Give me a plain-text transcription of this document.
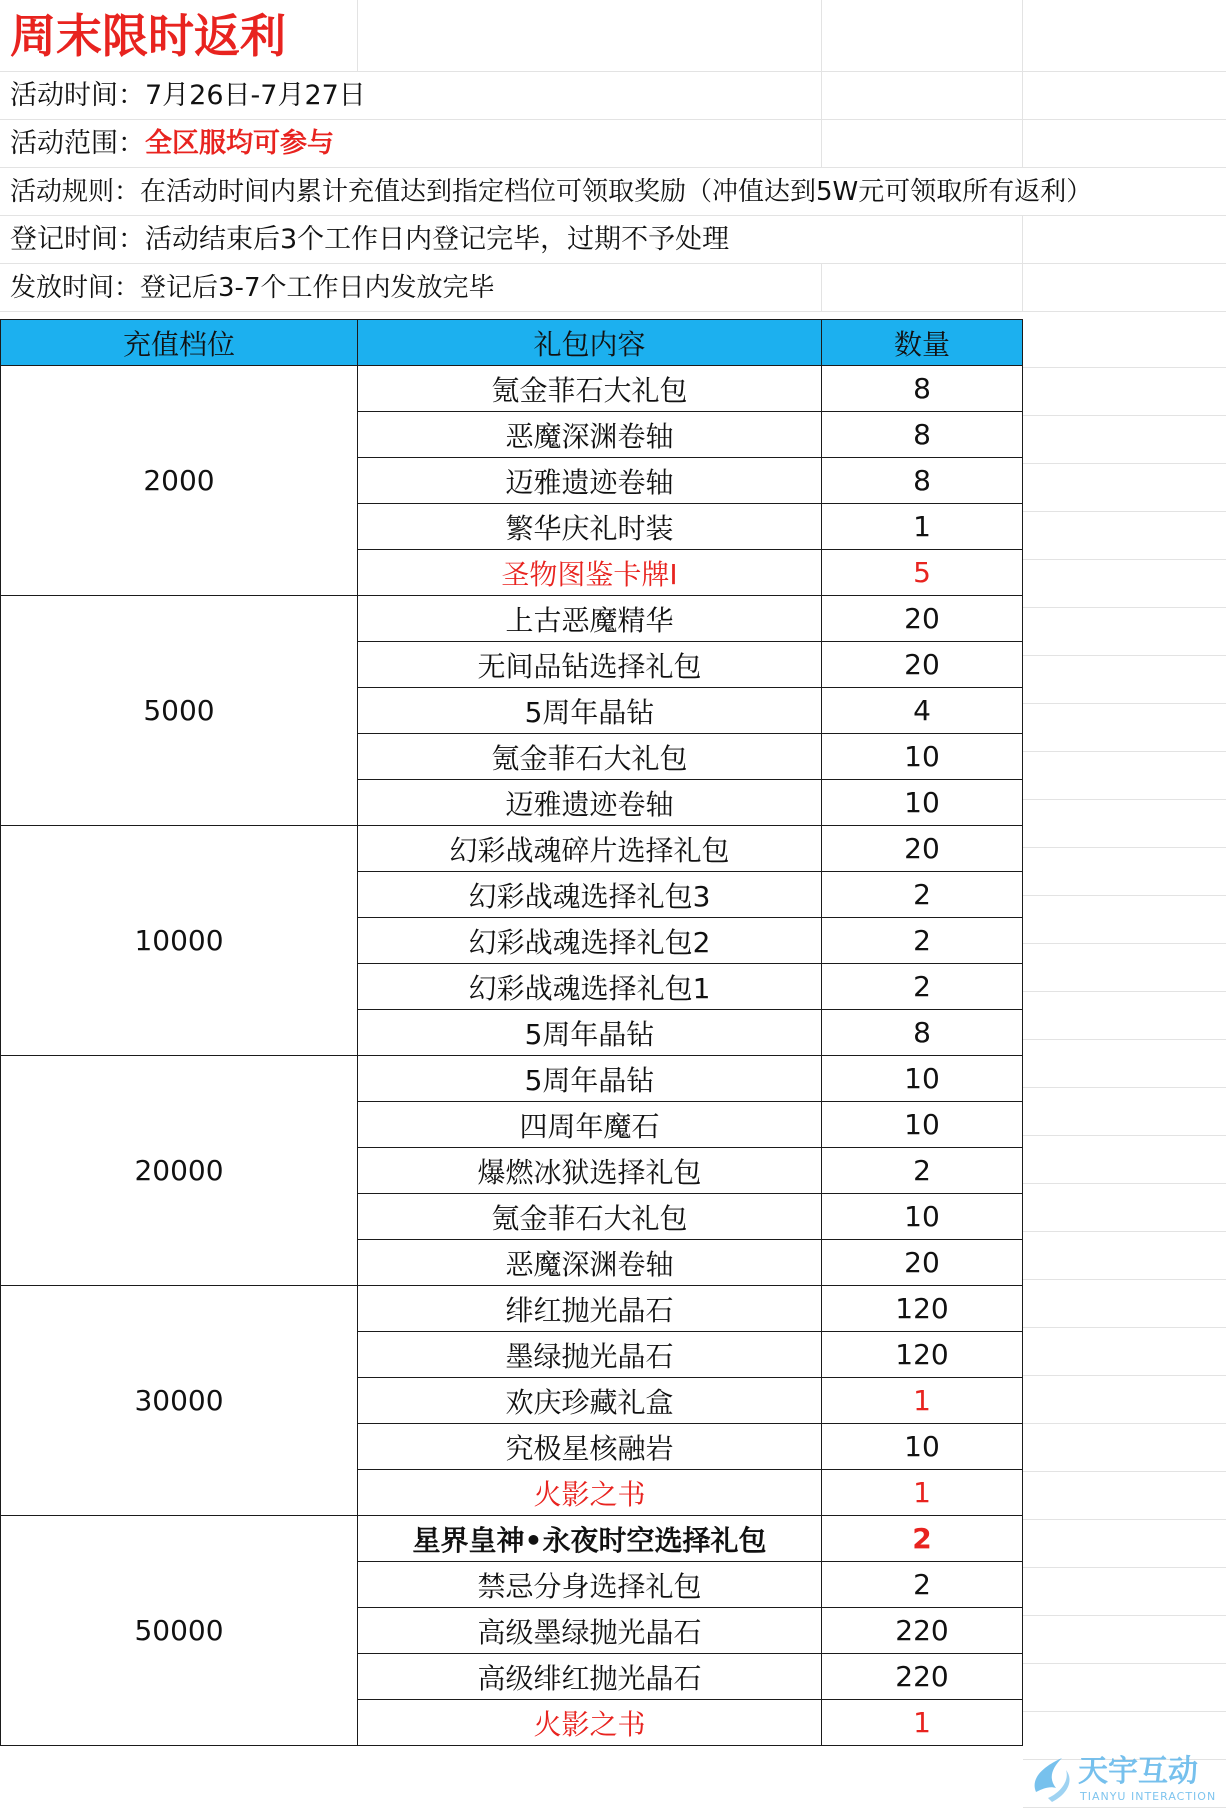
周末限时返利
活动时间：7月26日-7月27日
活动范围：全区服均可参与
活动规则：在活动时间内累计充值达到指定档位可领取奖励（冲值达到5W元可领取所有返利）
登记时间：活动结束后3个工作日内登记完毕，过期不予处理
发放时间：登记后3-7个工作日内发放完毕
充值档位	礼包内容	数量
2000	氪金菲石大礼包	8
	恶魔深渊卷轴	8
	迈雅遗迹卷轴	8
	繁华庆礼时装	1
	圣物图鉴卡牌I	5
5000	上古恶魔精华	20
	无间品钻选择礼包	20
	5周年晶钻	4
	氪金菲石大礼包	10
	迈雅遗迹卷轴	10
10000	幻彩战魂碎片选择礼包	20
	幻彩战魂选择礼包3	2
	幻彩战魂选择礼包2	2
	幻彩战魂选择礼包1	2
	5周年晶钻	8
20000	5周年晶钻	10
	四周年魔石	10
	爆燃冰狱选择礼包	2
	氪金菲石大礼包	10
	恶魔深渊卷轴	20
30000	绯红抛光晶石	120
	墨绿抛光晶石	120
	欢庆珍藏礼盒	1
	究极星核融岩	10
	火影之书	1
50000	星界皇神•永夜时空选择礼包	2
	禁忌分身选择礼包	2
	高级墨绿抛光晶石	220
	高级绯红抛光晶石	220
	火影之书	1
天宇互动
TIANYU INTERACTION
